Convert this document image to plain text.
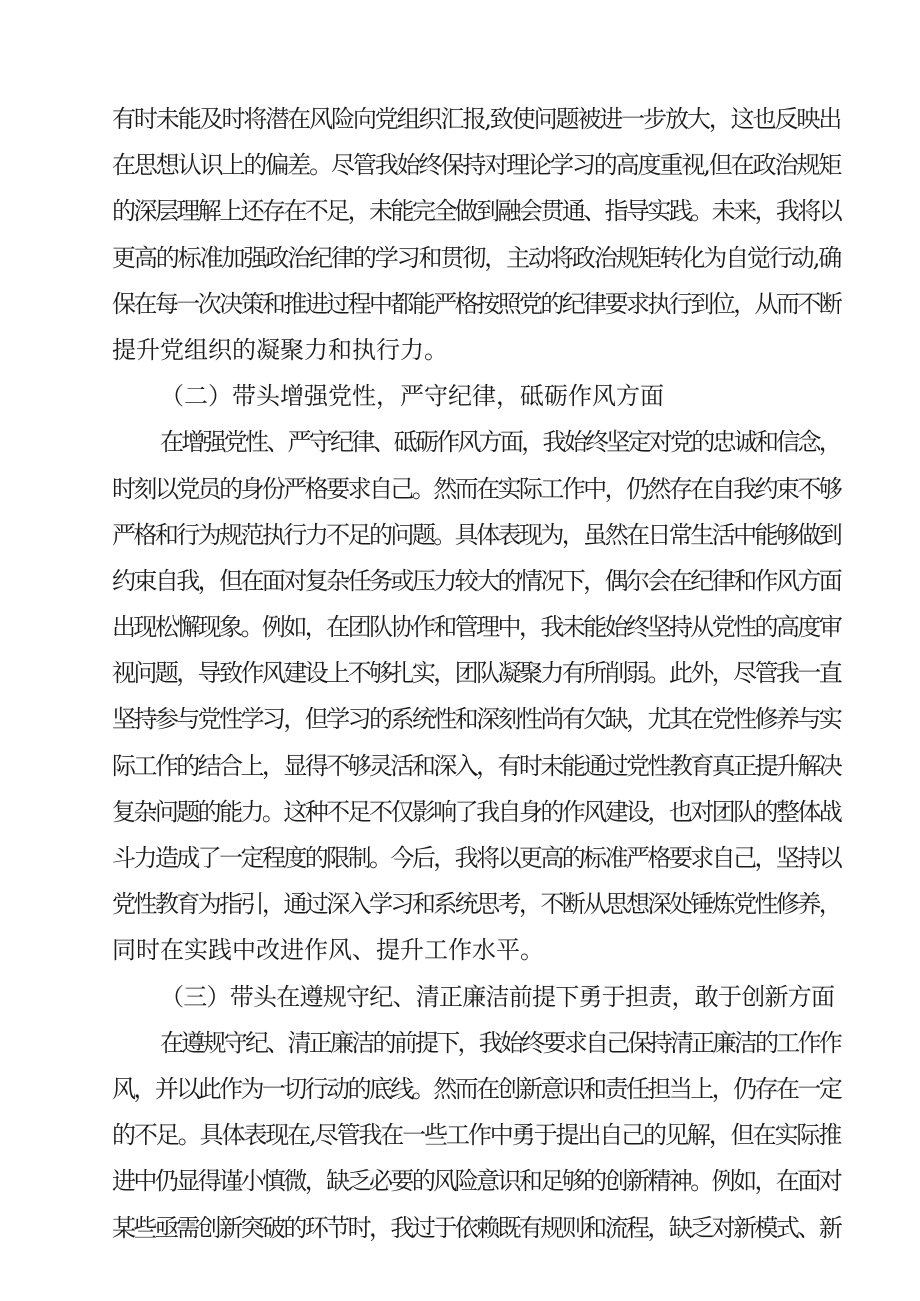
有时未能及时将潜在风险向党组织汇报,致使问题被进一步放大，这也反映出
在思想认识上的偏差。尽管我始终保持对理论学习的高度重视,但在政治规矩
的深层理解上还存在不足，未能完全做到融会贯通、指导实践。未来，我将以
更高的标准加强政治纪律的学习和贯彻，主动将政治规矩转化为自觉行动,确
保在每一次决策和推进过程中都能严格按照党的纪律要求执行到位，从而不断
提升党组织的凝聚力和执行力。
（二）带头增强党性，严守纪律，砥砺作风方面
在增强党性、严守纪律、砥砺作风方面，我始终坚定对党的忠诚和信念，
时刻以党员的身份严格要求自己。然而在实际工作中，仍然存在自我约束不够
严格和行为规范执行力不足的问题。具体表现为，虽然在日常生活中能够做到
约束自我，但在面对复杂任务或压力较大的情况下，偶尔会在纪律和作风方面
出现松懈现象。例如，在团队协作和管理中，我未能始终坚持从党性的高度审
视问题，导致作风建设上不够扎实，团队凝聚力有所削弱。此外，尽管我一直
坚持参与党性学习，但学习的系统性和深刻性尚有欠缺，尤其在党性修养与实
际工作的结合上，显得不够灵活和深入，有时未能通过党性教育真正提升解决
复杂问题的能力。这种不足不仅影响了我自身的作风建设，也对团队的整体战
斗力造成了一定程度的限制。今后，我将以更高的标准严格要求自己，坚持以
党性教育为指引，通过深入学习和系统思考，不断从思想深处锤炼党性修养，
同时在实践中改进作风、提升工作水平。
（三）带头在遵规守纪、清正廉洁前提下勇于担责，敢于创新方面
在遵规守纪、清正廉洁的前提下，我始终要求自己保持清正廉洁的工作作
风，并以此作为一切行动的底线。然而在创新意识和责任担当上，仍存在一定
的不足。具体表现在,尽管我在一些工作中勇于提出自己的见解，但在实际推
进中仍显得谨小慎微，缺乏必要的风险意识和足够的创新精神。例如，在面对
某些亟需创新突破的环节时，我过于依赖既有规则和流程，缺乏对新模式、新
